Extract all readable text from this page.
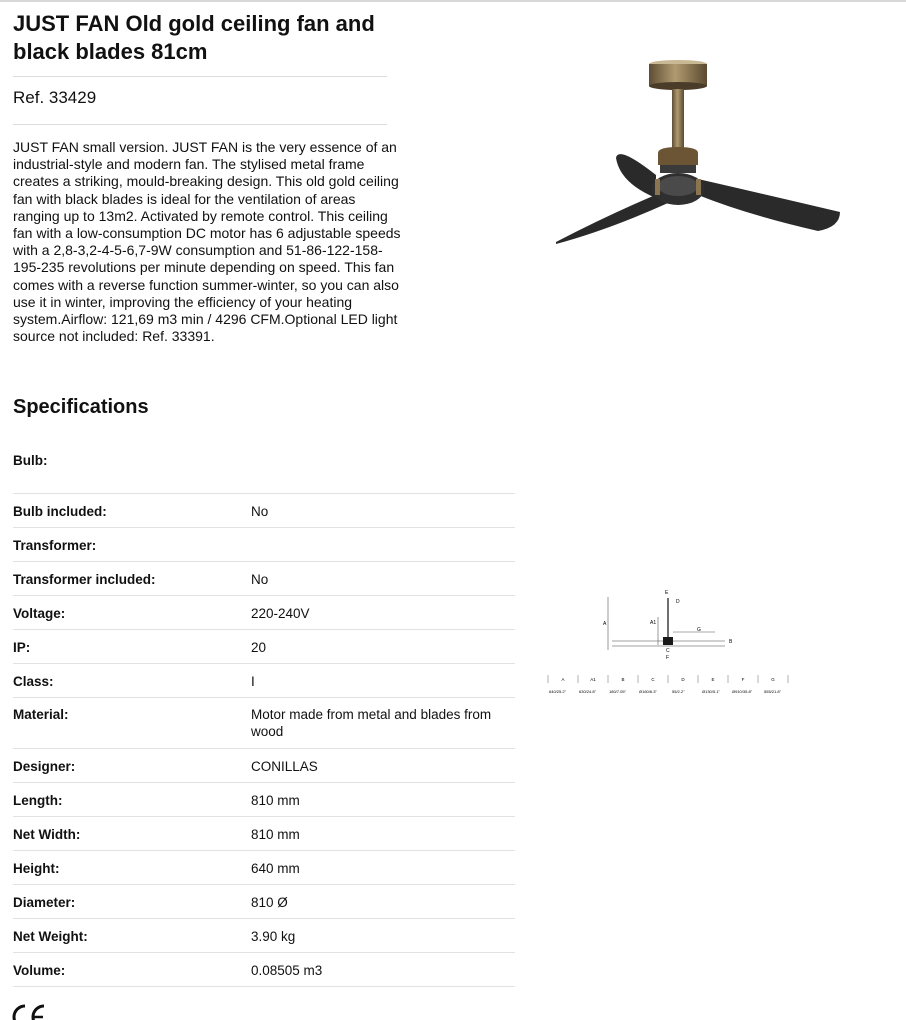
JUST FAN Old gold ceiling fan and black blades 81cm
Ref. 33429

JUST FAN small version. JUST FAN is the very essence of an industrial-style and modern fan. The stylised metal frame creates a striking, mould-breaking design. This old gold ceiling fan with black blades is ideal for the ventilation of areas ranging up to 13m2. Activated by remote control. This ceiling fan with a low-consumption DC motor has 6 adjustable speeds with a 2,8-3,2-4-5-6,7-9W consumption and 51-86-122-158-195-235 revolutions per minute depending on speed. This fan comes with a reverse function summer-winter, so you can also use it in winter, improving the efficiency of your heating system.Airflow: 121,69 m3 min / 4296 CFM.Optional LED light source not included: Ref. 33391.

Specifications
Bulb:
Bulb included:	No
Transformer:
Transformer included:	No
Voltage:	220-240V
IP:	20
Class:	I
Material:	Motor made from metal and blades from wood
Designer:	CONILLAS
Length:	810 mm
Net Width:	810 mm
Height:	640 mm
Diameter:	810 Ø
Net Weight:	3.90 kg
Volume:	0.08505 m3
A	A1
E
D
G
B
C
F
A	A1	B	C	D	E	F	G
640/25.2"	630/24.8"	180/7.05"	Ø160/6.3"	55/2.2"	Ø130/5.1"	Ø910/35.8"	555/21.8"
